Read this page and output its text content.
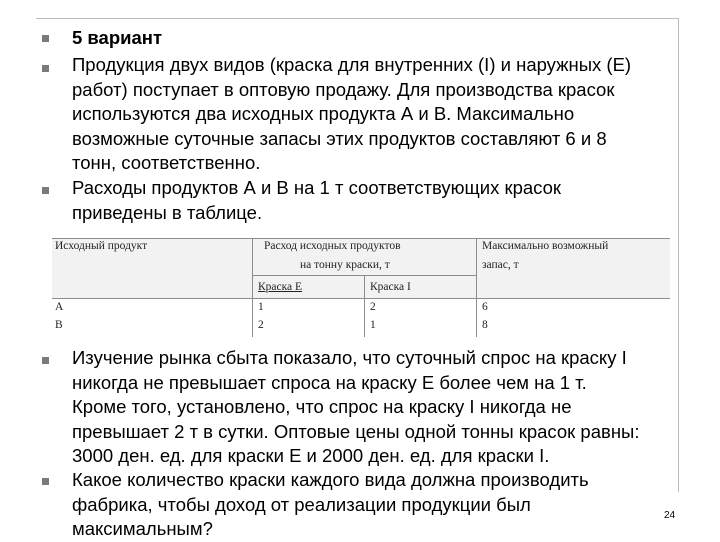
5 вариант

Продукция двух видов (краска для внутренних (I) и наружных (E)
работ) поступает в оптовую продажу. Для производства красок
используются два исходных продукта А и В. Максимально
возможные суточные запасы этих продуктов составляют 6 и 8
тонн, соответственно.
Расходы продуктов А и В на 1 т соответствующих красок
приведены в таблице.
Исходный продукт	Расход исходных продуктов
на тонну краски, т
Максимально возможный
запас, т
Краска E	Краска I
А	1	2	6
В	2	1	8
Изучение рынка сбыта показало, что суточный спрос на краску I
никогда не превышает спроса на краску E более чем на 1 т.
Кроме того, установлено, что спрос на краску I никогда не
превышает 2 т в сутки. Оптовые цены одной тонны красок равны:
3000 ден. ед. для краски E и 2000 ден. ед. для краски I.
Какое количество краски каждого вида должна производить
фабрика, чтобы доход от реализации продукции был
максимальным?
24
